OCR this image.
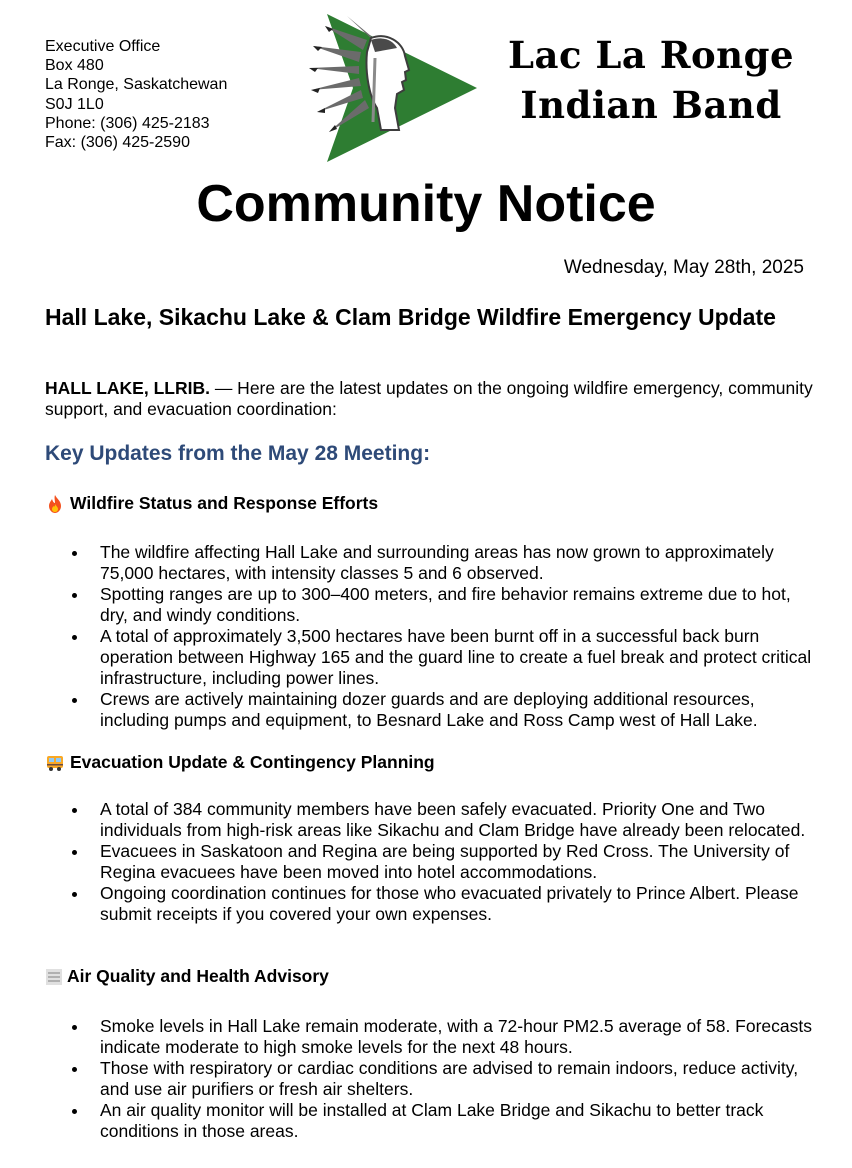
Executive Office
Box 480
La Ronge, Saskatchewan
S0J 1L0
Phone: (306) 425-2183
Fax: (306) 425-2590
Lac La Ronge
Indian Band
Community Notice
Wednesday, May 28th, 2025
Hall Lake, Sikachu Lake & Clam Bridge Wildfire Emergency Update
HALL LAKE, LLRIB. — Here are the latest updates on the ongoing wildfire emergency, community support, and evacuation coordination:
Key Updates from the May 28 Meeting:
Wildfire Status and Response Efforts
The wildfire affecting Hall Lake and surrounding areas has now grown to approximately 75,000 hectares, with intensity classes 5 and 6 observed.
Spotting ranges are up to 300–400 meters, and fire behavior remains extreme due to hot, dry, and windy conditions.
A total of approximately 3,500 hectares have been burnt off in a successful back burn operation between Highway 165 and the guard line to create a fuel break and protect critical infrastructure, including power lines.
Crews are actively maintaining dozer guards and are deploying additional resources, including pumps and equipment, to Besnard Lake and Ross Camp west of Hall Lake.
Evacuation Update & Contingency Planning
A total of 384 community members have been safely evacuated. Priority One and Two individuals from high-risk areas like Sikachu and Clam Bridge have already been relocated.
Evacuees in Saskatoon and Regina are being supported by Red Cross. The University of Regina evacuees have been moved into hotel accommodations.
Ongoing coordination continues for those who evacuated privately to Prince Albert. Please submit receipts if you covered your own expenses.
Air Quality and Health Advisory
Smoke levels in Hall Lake remain moderate, with a 72-hour PM2.5 average of 58. Forecasts indicate moderate to high smoke levels for the next 48 hours.
Those with respiratory or cardiac conditions are advised to remain indoors, reduce activity, and use air purifiers or fresh air shelters.
An air quality monitor will be installed at Clam Lake Bridge and Sikachu to better track conditions in those areas.
